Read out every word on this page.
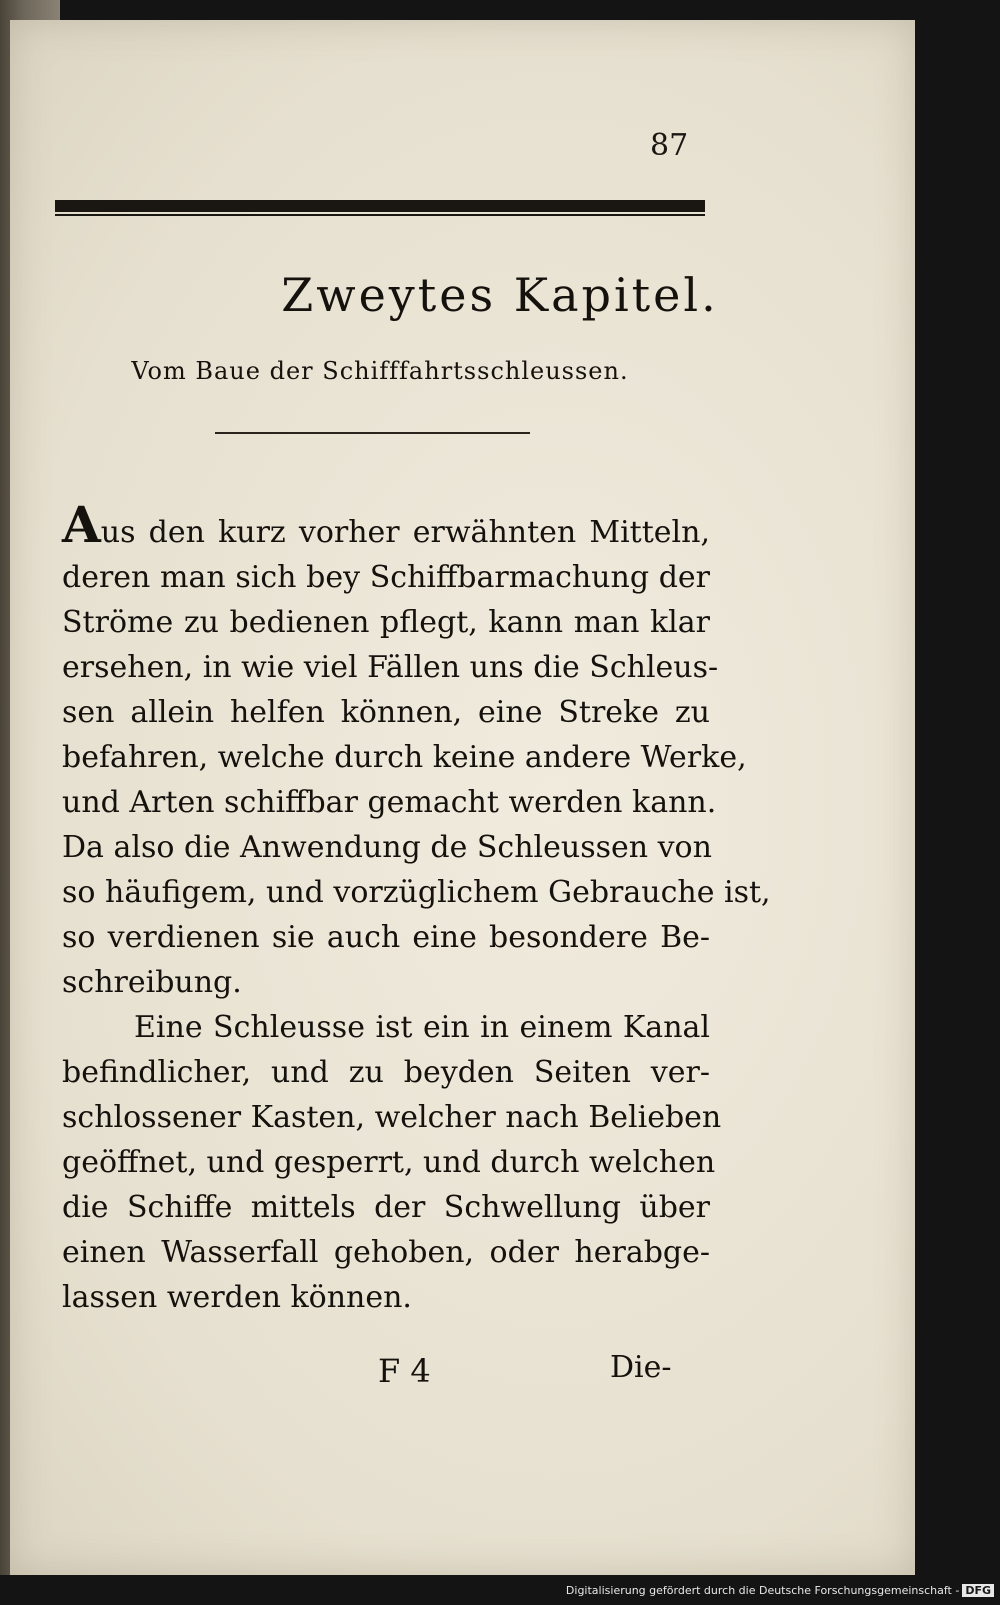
87
Zweytes Kapitel.
Vom Baue der Schifffahrtsschleussen.
Aus den kurz vorher erwähnten Mitteln,
deren man sich bey Schiffbarmachung der
Ströme zu bedienen pflegt, kann man klar
ersehen, in wie viel Fällen uns die Schleus-
sen allein helfen können, eine Streke zu
befahren, welche durch keine andere Werke,
und Arten schiffbar gemacht werden kann.
Da also die Anwendung de Schleussen von
so häufigem, und vorzüglichem Gebrauche ist,
so verdienen sie auch eine besondere Be-
schreibung.
Eine Schleusse ist ein in einem Kanal
befindlicher, und zu beyden Seiten ver-
schlossener Kasten, welcher nach Belieben
geöffnet, und gesperrt, und durch welchen
die Schiffe mittels der Schwellung über
einen Wasserfall gehoben, oder herabge-
lassen werden können.
F 4	Die-
Digitalisierung gefördert durch die Deutsche Forschungsgemeinschaft - DFG
